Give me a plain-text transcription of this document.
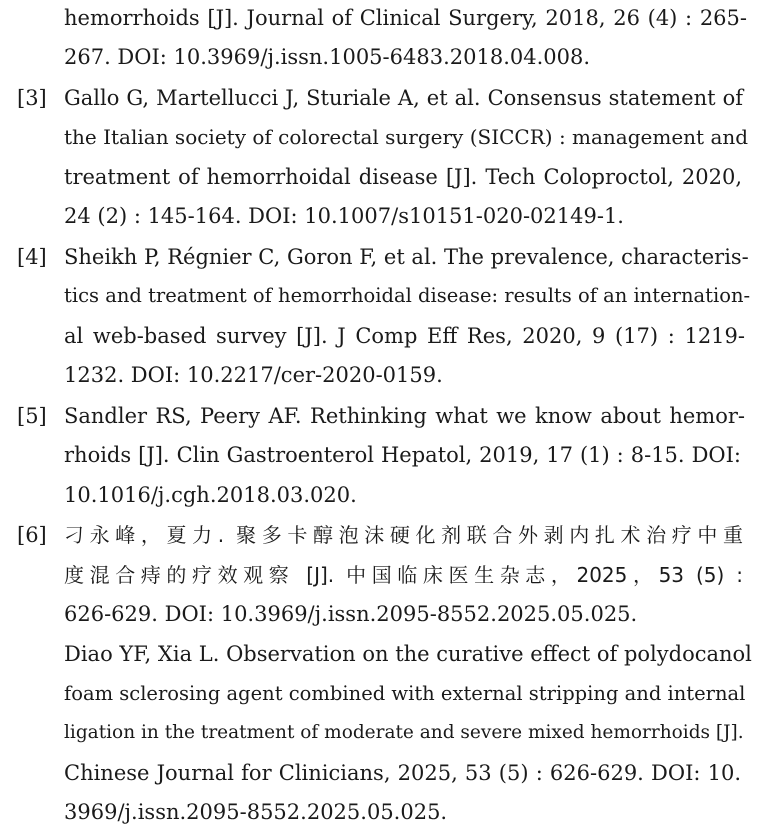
hemorrhoids [J]. Journal of Clinical Surgery, 2018, 26 (4) : 265-
267. DOI: 10.3969/j.issn.1005-6483.2018.04.008.
[3] Gallo G, Martellucci J, Sturiale A, et al. Consensus statement of
the Italian society of colorectal surgery (SICCR) : management and
treatment of hemorrhoidal disease [J]. Tech Coloproctol, 2020,
24 (2) : 145-164. DOI: 10.1007/s10151-020-02149-1.
[4] Sheikh P, Régnier C, Goron F, et al. The prevalence, characteris-
tics and treatment of hemorrhoidal disease: results of an internation-
al web-based survey [J]. J Comp Eff Res, 2020, 9 (17) : 1219-
1232. DOI: 10.2217/cer-2020-0159.
[5] Sandler RS, Peery AF. Rethinking what we know about hemor-
rhoids [J]. Clin Gastroenterol Hepatol, 2019, 17 (1) : 8-15. DOI:
10.1016/j.cgh.2018.03.020.
[6] 刁永峰，夏力. 聚多卡醇泡沫硬化剂联合外剥内扎术治疗中重
度混合痔的疗效观察 [J]. 中国临床医生杂志，2025，53 (5) :
626-629. DOI: 10.3969/j.issn.2095-8552.2025.05.025.
Diao YF, Xia L. Observation on the curative effect of polydocanol
foam sclerosing agent combined with external stripping and internal
ligation in the treatment of moderate and severe mixed hemorrhoids [J].
Chinese Journal for Clinicians, 2025, 53 (5) : 626-629. DOI: 10.
3969/j.issn.2095-8552.2025.05.025.
